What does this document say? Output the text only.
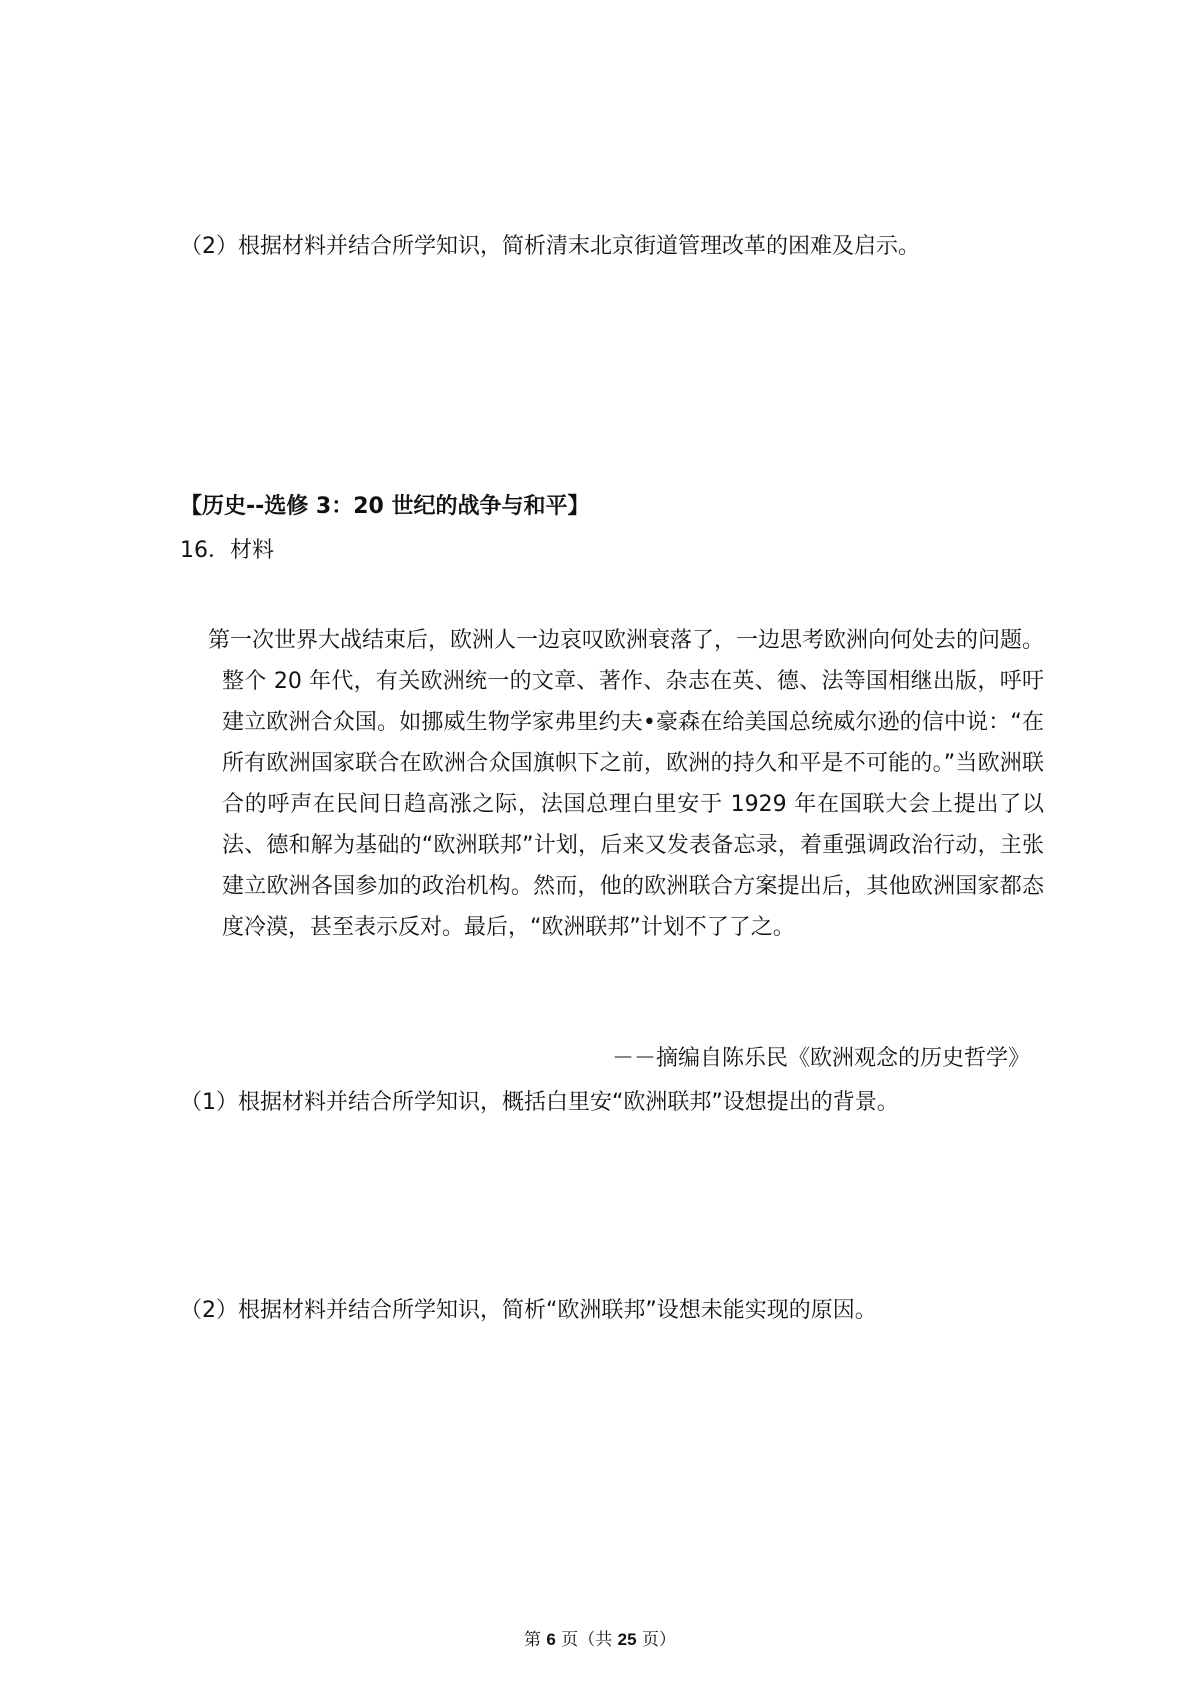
（2）根据材料并结合所学知识，简析清末北京街道管理改革的困难及启示。
【历史--选修 3：20 世纪的战争与和平】
16．材料
第一次世界大战结束后，欧洲人一边哀叹欧洲衰落了，一边思考欧洲向何处去的问题。整个 20 年代，有关欧洲统一的文章、著作、杂志在英、德、法等国相继出版，呼吁建立欧洲合众国。如挪威生物学家弗里约夫•豪森在给美国总统威尔逊的信中说：“在所有欧洲国家联合在欧洲合众国旗帜下之前，欧洲的持久和平是不可能的。”当欧洲联合的呼声在民间日趋高涨之际，法国总理白里安于 1929 年在国联大会上提出了以法、德和解为基础的“欧洲联邦”计划，后来又发表备忘录，着重强调政治行动，主张建立欧洲各国参加的政治机构。然而，他的欧洲联合方案提出后，其他欧洲国家都态度冷漠，甚至表示反对。最后，“欧洲联邦”计划不了了之。
－－摘编自陈乐民《欧洲观念的历史哲学》
（1）根据材料并结合所学知识，概括白里安“欧洲联邦”设想提出的背景。
（2）根据材料并结合所学知识，简析“欧洲联邦”设想未能实现的原因。
第 6 页（共 25 页）
